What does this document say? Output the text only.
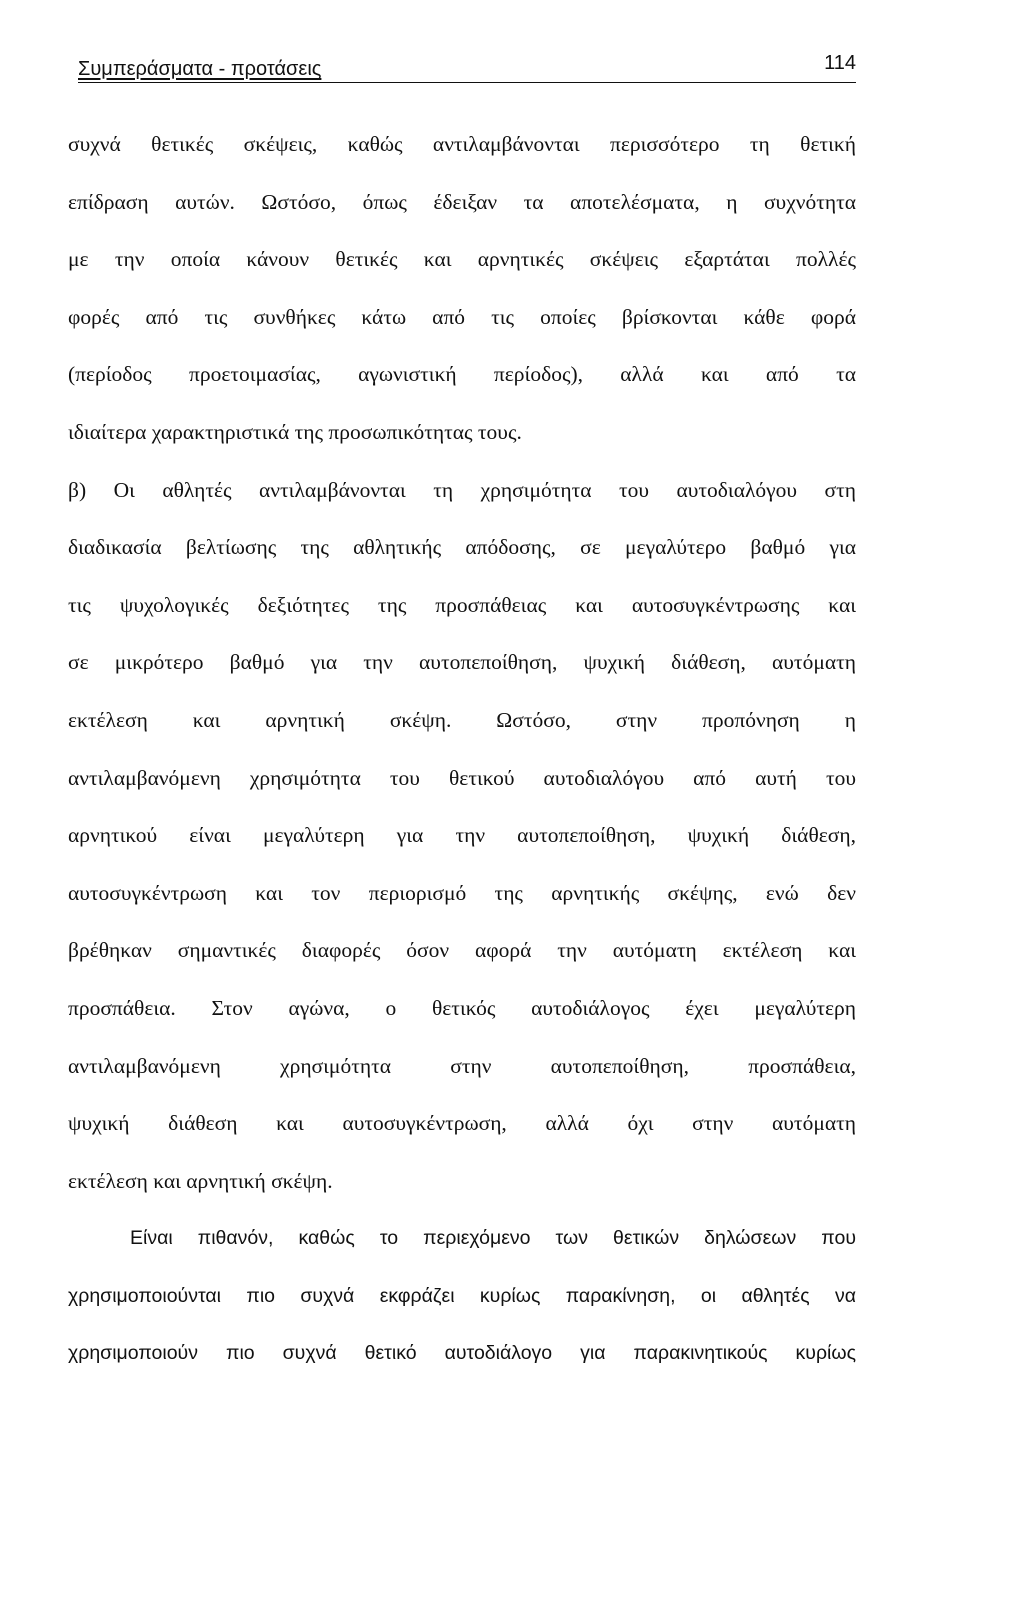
Συμπεράσματα - προτάσεις	114
συχνά θετικές σκέψεις, καθώς αντιλαμβάνονται περισσότερο τη θετική
επίδραση αυτών. Ωστόσο, όπως έδειξαν τα αποτελέσματα, η συχνότητα
με την οποία κάνουν θετικές και αρνητικές σκέψεις εξαρτάται πολλές
φορές από τις συνθήκες κάτω από τις οποίες βρίσκονται κάθε φορά
(περίοδος προετοιμασίας, αγωνιστική περίοδος), αλλά και από τα
ιδιαίτερα χαρακτηριστικά της προσωπικότητας τους.
β) Οι αθλητές αντιλαμβάνονται τη χρησιμότητα του αυτοδιαλόγου στη
διαδικασία βελτίωσης της αθλητικής απόδοσης, σε μεγαλύτερο βαθμό για
τις ψυχολογικές δεξιότητες της προσπάθειας και αυτοσυγκέντρωσης και
σε μικρότερο βαθμό για την αυτοπεποίθηση, ψυχική διάθεση, αυτόματη
εκτέλεση και αρνητική σκέψη. Ωστόσο, στην προπόνηση η
αντιλαμβανόμενη χρησιμότητα του θετικού αυτοδιαλόγου από αυτή του
αρνητικού είναι μεγαλύτερη για την αυτοπεποίθηση, ψυχική διάθεση,
αυτοσυγκέντρωση και τον περιορισμό της αρνητικής σκέψης, ενώ δεν
βρέθηκαν σημαντικές διαφορές όσον αφορά την αυτόματη εκτέλεση και
προσπάθεια. Στον αγώνα, ο θετικός αυτοδιάλογος έχει μεγαλύτερη
αντιλαμβανόμενη χρησιμότητα στην αυτοπεποίθηση, προσπάθεια,
ψυχική διάθεση και αυτοσυγκέντρωση, αλλά όχι στην αυτόματη
εκτέλεση και αρνητική σκέψη.
Είναι πιθανόν, καθώς το περιεχόμενο των θετικών δηλώσεων που
χρησιμοποιούνται πιο συχνά εκφράζει κυρίως παρακίνηση, οι αθλητές να
χρησιμοποιούν πιο συχνά θετικό αυτοδιάλογο για παρακινητικούς κυρίως
